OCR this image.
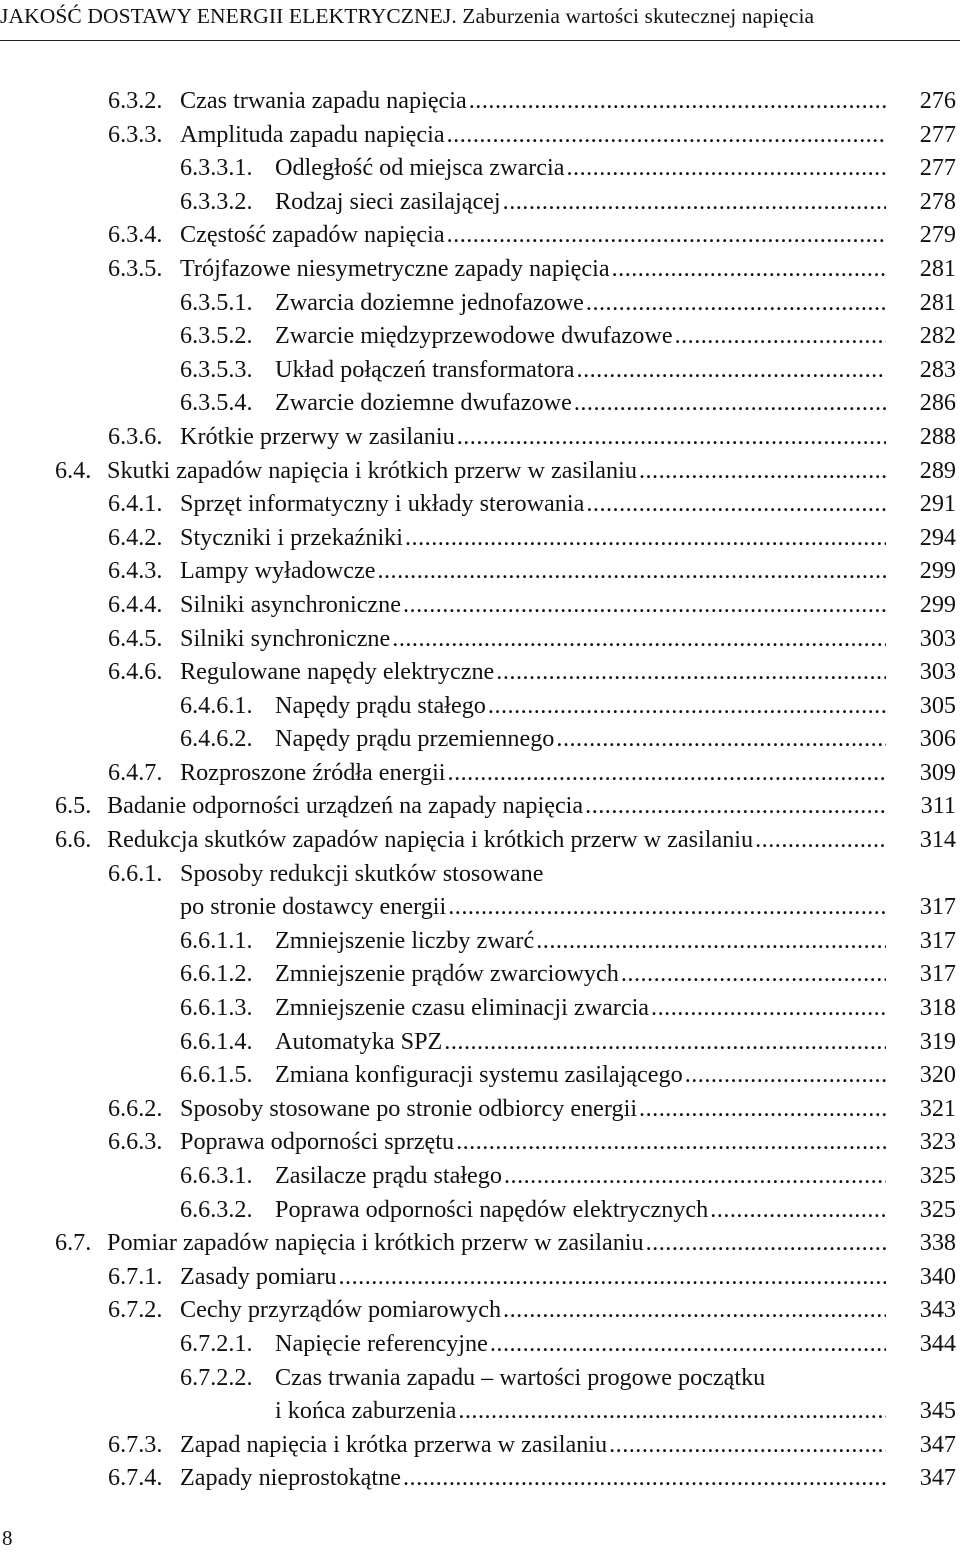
JAKOŚĆ DOSTAWY ENERGII ELEKTRYCZNEJ. Zaburzenia wartości skutecznej napięcia
6.3.2. Czas trwania zapadu napięcia .....	276
6.3.3. Amplituda zapadu napięcia .....	277
6.3.3.1. Odległość od miejsca zwarcia .....	277
6.3.3.2. Rodzaj sieci zasilającej .....	278
6.3.4. Częstość zapadów napięcia .....	279
6.3.5. Trójfazowe niesymetryczne zapady napięcia .....	281
6.3.5.1. Zwarcia doziemne jednofazowe .....	281
6.3.5.2. Zwarcie międzyprzewodowe dwufazowe .....	282
6.3.5.3. Układ połączeń transformatora .....	283
6.3.5.4. Zwarcie doziemne dwufazowe .....	286
6.3.6. Krótkie przerwy w zasilaniu .....	288
6.4. Skutki zapadów napięcia i krótkich przerw w zasilaniu .....	289
6.4.1. Sprzęt informatyczny i układy sterowania .....	291
6.4.2. Styczniki i przekaźniki .....	294
6.4.3. Lampy wyładowcze .....	299
6.4.4. Silniki asynchroniczne .....	299
6.4.5. Silniki synchroniczne .....	303
6.4.6. Regulowane napędy elektryczne .....	303
6.4.6.1. Napędy prądu stałego .....	305
6.4.6.2. Napędy prądu przemiennego .....	306
6.4.7. Rozproszone źródła energii .....	309
6.5. Badanie odporności urządzeń na zapady napięcia .....	311
6.6. Redukcja skutków zapadów napięcia i krótkich przerw w zasilaniu .....	314
6.6.1. Sposoby redukcji skutków stosowane
po stronie dostawcy energii .....	317
6.6.1.1. Zmniejszenie liczby zwarć .....	317
6.6.1.2. Zmniejszenie prądów zwarciowych .....	317
6.6.1.3. Zmniejszenie czasu eliminacji zwarcia .....	318
6.6.1.4. Automatyka SPZ .....	319
6.6.1.5. Zmiana konfiguracji systemu zasilającego .....	320
6.6.2. Sposoby stosowane po stronie odbiorcy energii .....	321
6.6.3. Poprawa odporności sprzętu .....	323
6.6.3.1. Zasilacze prądu stałego .....	325
6.6.3.2. Poprawa odporności napędów elektrycznych .....	325
6.7. Pomiar zapadów napięcia i krótkich przerw w zasilaniu .....	338
6.7.1. Zasady pomiaru .....	340
6.7.2. Cechy przyrządów pomiarowych .....	343
6.7.2.1. Napięcie referencyjne .....	344
6.7.2.2. Czas trwania zapadu – wartości progowe początku
i końca zaburzenia .....	345
6.7.3. Zapad napięcia i krótka przerwa w zasilaniu .....	347
6.7.4. Zapady nieprostokątne .....	347
8
